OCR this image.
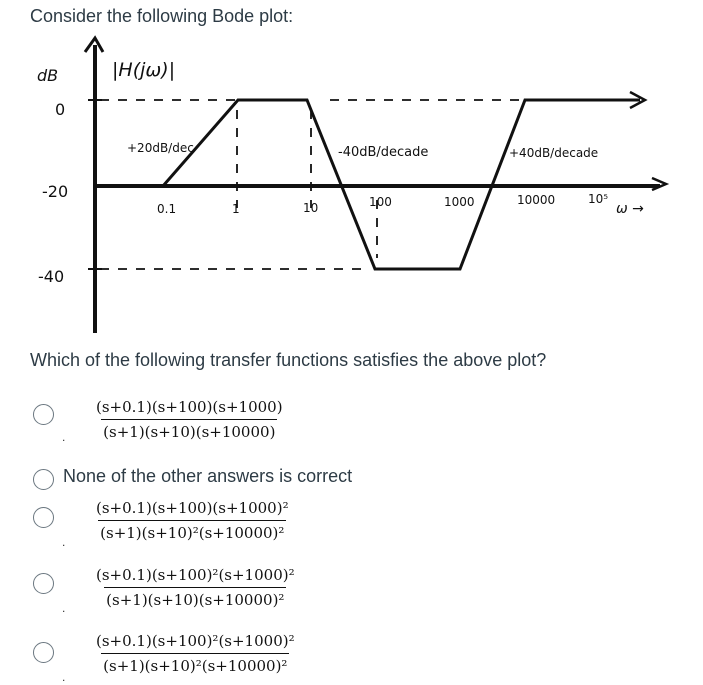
Consider the following Bode plot:
dB	|H(jω)|
0
-20
-40
0.1	1	10	100	1000	10000	10⁵
ω →
+20dB/dec	-40dB/decade	+40dB/decade
Which of the following transfer functions satisfies the above plot?
. $\frac{(s+0.1)(s+100)(s+1000)}{(s+1)(s+10)(s+10000)}$
None of the other answers is correct
. $\frac{\text{(s+0.1)(s+100)(s+1000)²}}{\text{(s+1)(s+10)²(s+10000)²}}$
. $\frac{\text{(s+0.1)(s+100)²(s+1000)²}}{\text{(s+1)(s+10)(s+10000)²}}$
.
$\frac{\text{(s+0.1)(s+100)²(s+1000)²}}{\text{(s+1)(s+10)²(s+10000)²}}$
